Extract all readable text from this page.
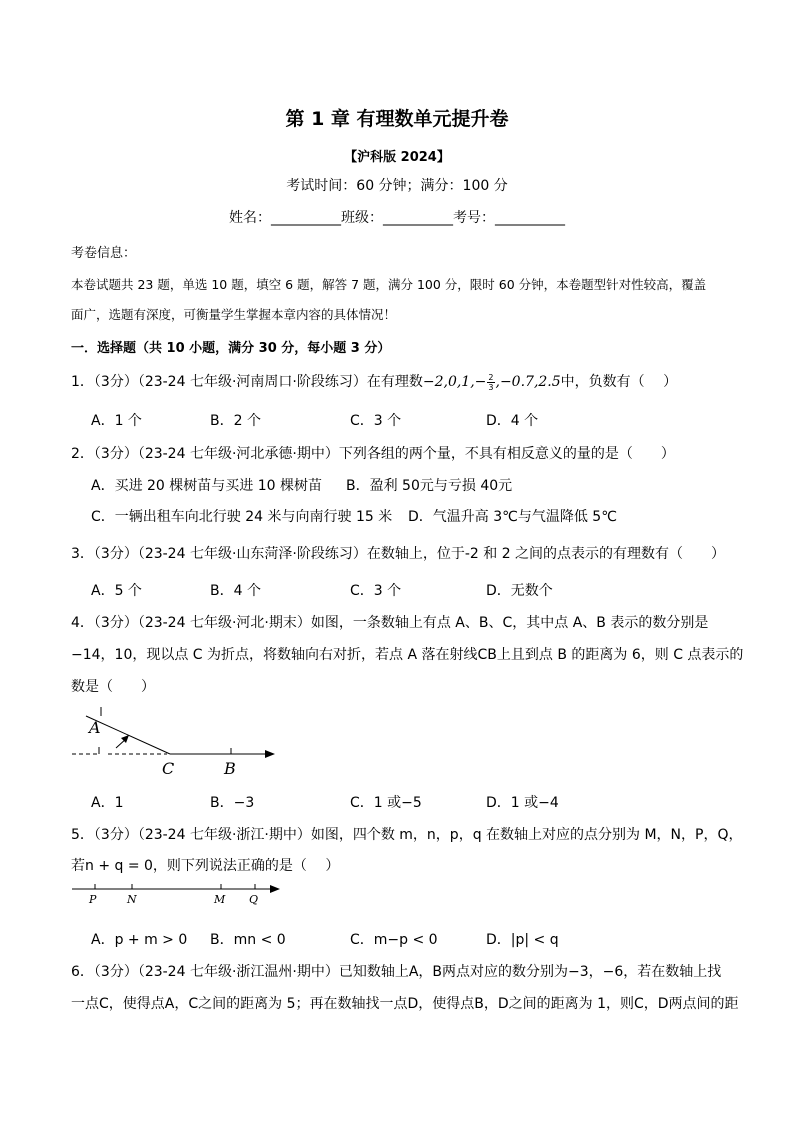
第 1 章 有理数单元提升卷
【沪科版 2024】
考试时间：60 分钟；满分：100 分
姓名：__________班级：__________考号：__________
考卷信息：
本卷试题共 23 题，单选 10 题，填空 6 题，解答 7 题，满分 100 分，限时 60 分钟，本卷题型针对性较高，覆盖
面广，选题有深度，可衡量学生掌握本章内容的具体情况！
一．选择题（共 10 小题，满分 30 分，每小题 3 分）
1．（3分）（23-24 七年级·河南周口·阶段练习）在有理数$-2,0,1,- \frac{2}{3} ,-0.7,2.5$中，负数有（　 ）
A．1 个	B．2 个	C．3 个	D．4 个
2．（3分）（23-24 七年级·河北承德·期中）下列各组的两个量，不具有相反意义的量的是（　　）
A．买进 20 棵树苗与买进 10 棵树苗 B．盈利 50元与亏损 40元
C．一辆出租车向北行驶 24 米与向南行驶 15 米 D．气温升高 3℃与气温降低 5℃
3．（3分）（23-24 七年级·山东菏泽·阶段练习）在数轴上，位于-2 和 2 之间的点表示的有理数有（　　）
A．5 个	B．4 个	C．3 个	D．无数个
4．（3分）（23-24 七年级·河北·期末）如图，一条数轴上有点 A、B、C，其中点 A、B 表示的数分别是
−14，10，现以点 C 为折点，将数轴向右对折，若点 A 落在射线CB上且到点 B 的距离为 6，则 C 点表示的
数是（　　）
A
C	B
P	N	M Q
A．1	B．−3	C．1 或−5	D．1 或−4
5．（3分）（23-24 七年级·浙江·期中）如图，四个数 m，n，p，q 在数轴上对应的点分别为 M，N，P，Q，
若n + q = 0，则下列说法正确的是（　 ）
A．p + m > 0 B．mn < 0	C．m−p < 0	D．|p| < q
6．（3分）（23-24 七年级·浙江温州·期中）已知数轴上A，B两点对应的数分别为−3，−6，若在数轴上找
一点C，使得点A，C之间的距离为 5；再在数轴找一点D，使得点B，D之间的距离为 1，则C，D两点间的距
